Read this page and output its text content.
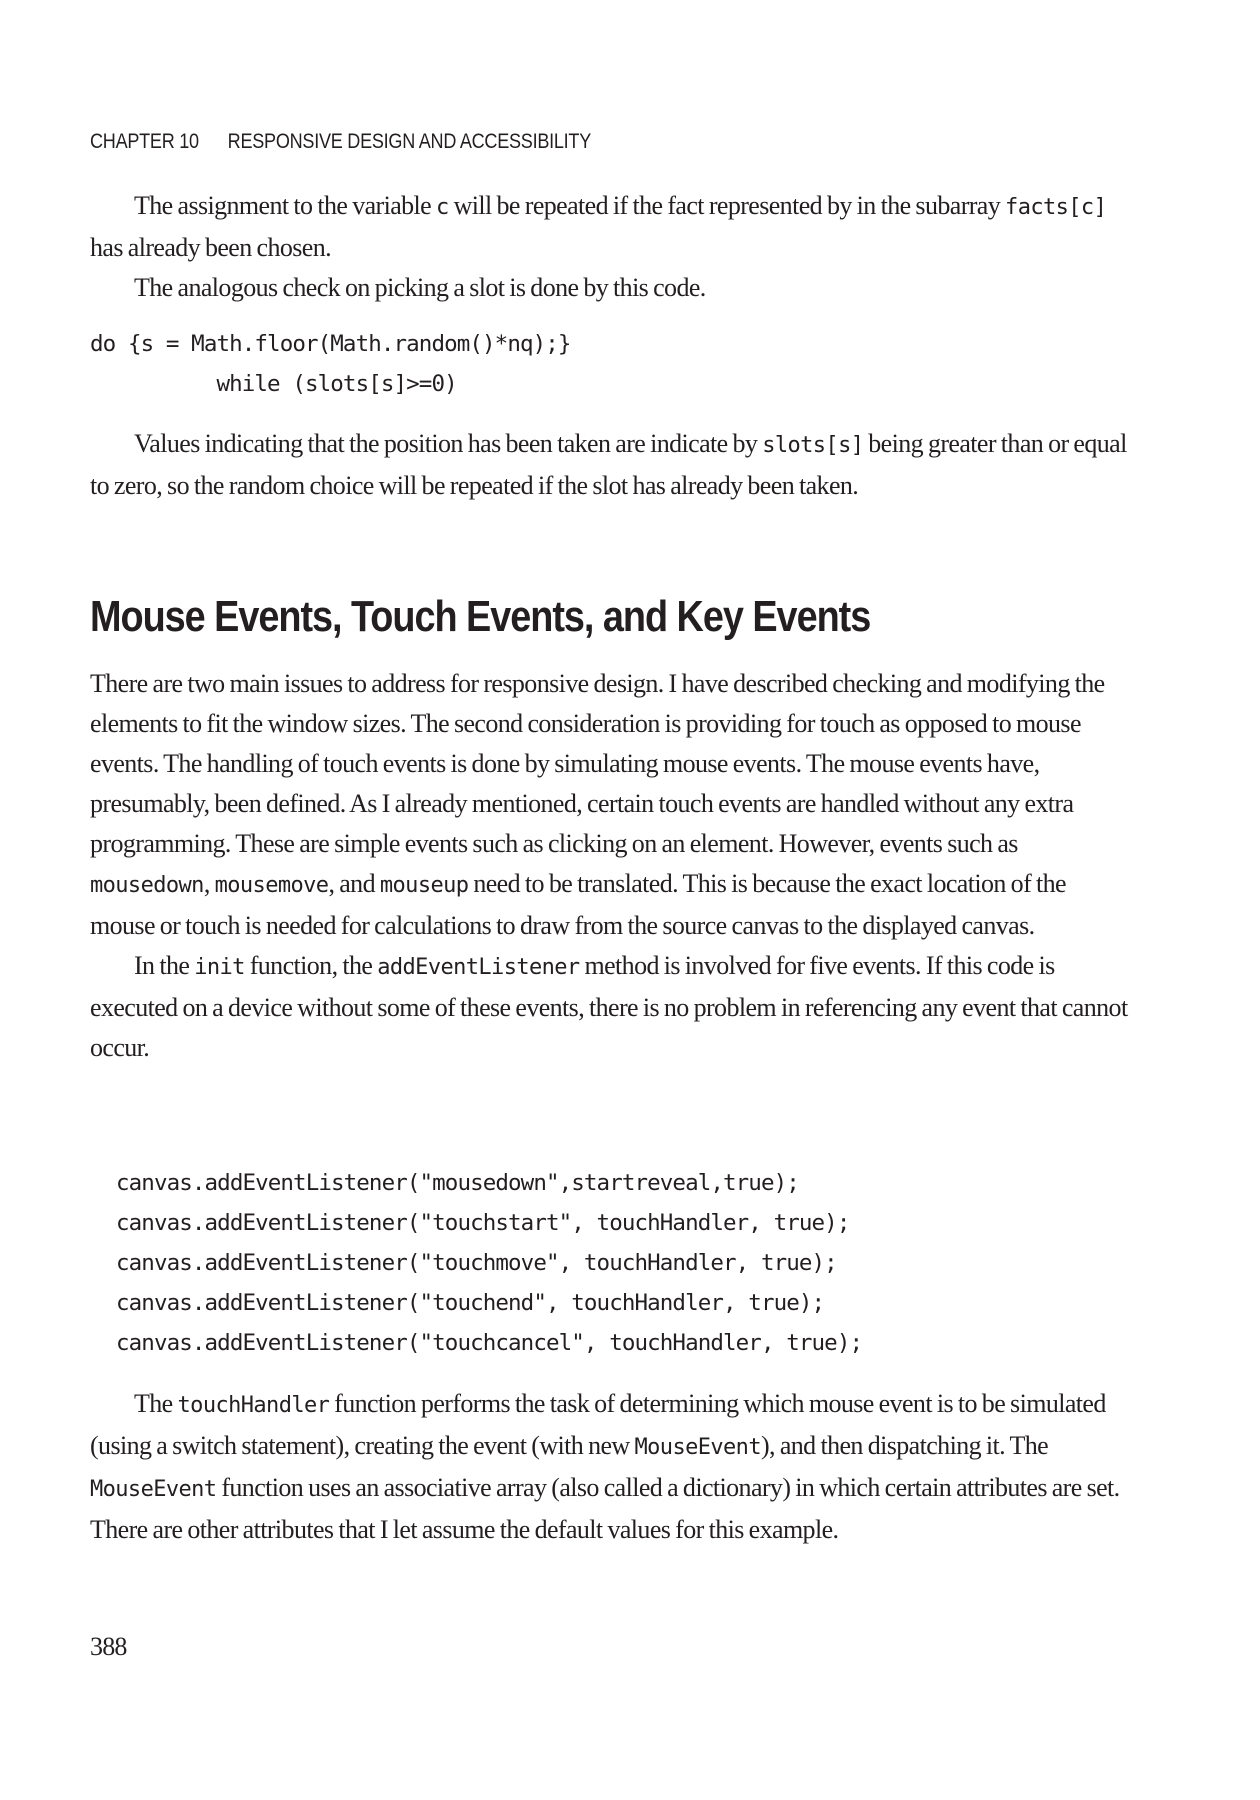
CHAPTER 10 RESPONSIVE DESIGN AND ACCESSIBILITY

The assignment to the variable c will be repeated if the fact represented by in the subarray facts[c] has already been chosen.

The analogous check on picking a slot is done by this code.

do {s = Math.floor(Math.random()*nq);}
while (slots[s]>=0)

Values indicating that the position has been taken are indicate by slots[s] being greater than or equal to zero, so the random choice will be repeated if the slot has already been taken.

Mouse Events, Touch Events, and Key Events

There are two main issues to address for responsive design. I have described checking and modifying the elements to fit the window sizes. The second consideration is providing for touch as opposed to mouse events. The handling of touch events is done by simulating mouse events. The mouse events have, presumably, been defined. As I already mentioned, certain touch events are handled without any extra programming. These are simple events such as clicking on an element. However, events such as mousedown, mousemove, and mouseup need to be translated. This is because the exact location of the mouse or touch is needed for calculations to draw from the source canvas to the displayed canvas.

In the init function, the addEventListener method is involved for five events. If this code is executed on a device without some of these events, there is no problem in referencing any event that cannot occur.

canvas.addEventListener("mousedown",startreveal,true);
canvas.addEventListener("touchstart", touchHandler, true);
canvas.addEventListener("touchmove", touchHandler, true);
canvas.addEventListener("touchend", touchHandler, true);
canvas.addEventListener("touchcancel", touchHandler, true);

The touchHandler function performs the task of determining which mouse event is to be simulated (using a switch statement), creating the event (with new MouseEvent), and then dispatching it. The MouseEvent function uses an associative array (also called a dictionary) in which certain attributes are set. There are other attributes that I let assume the default values for this example.

388
